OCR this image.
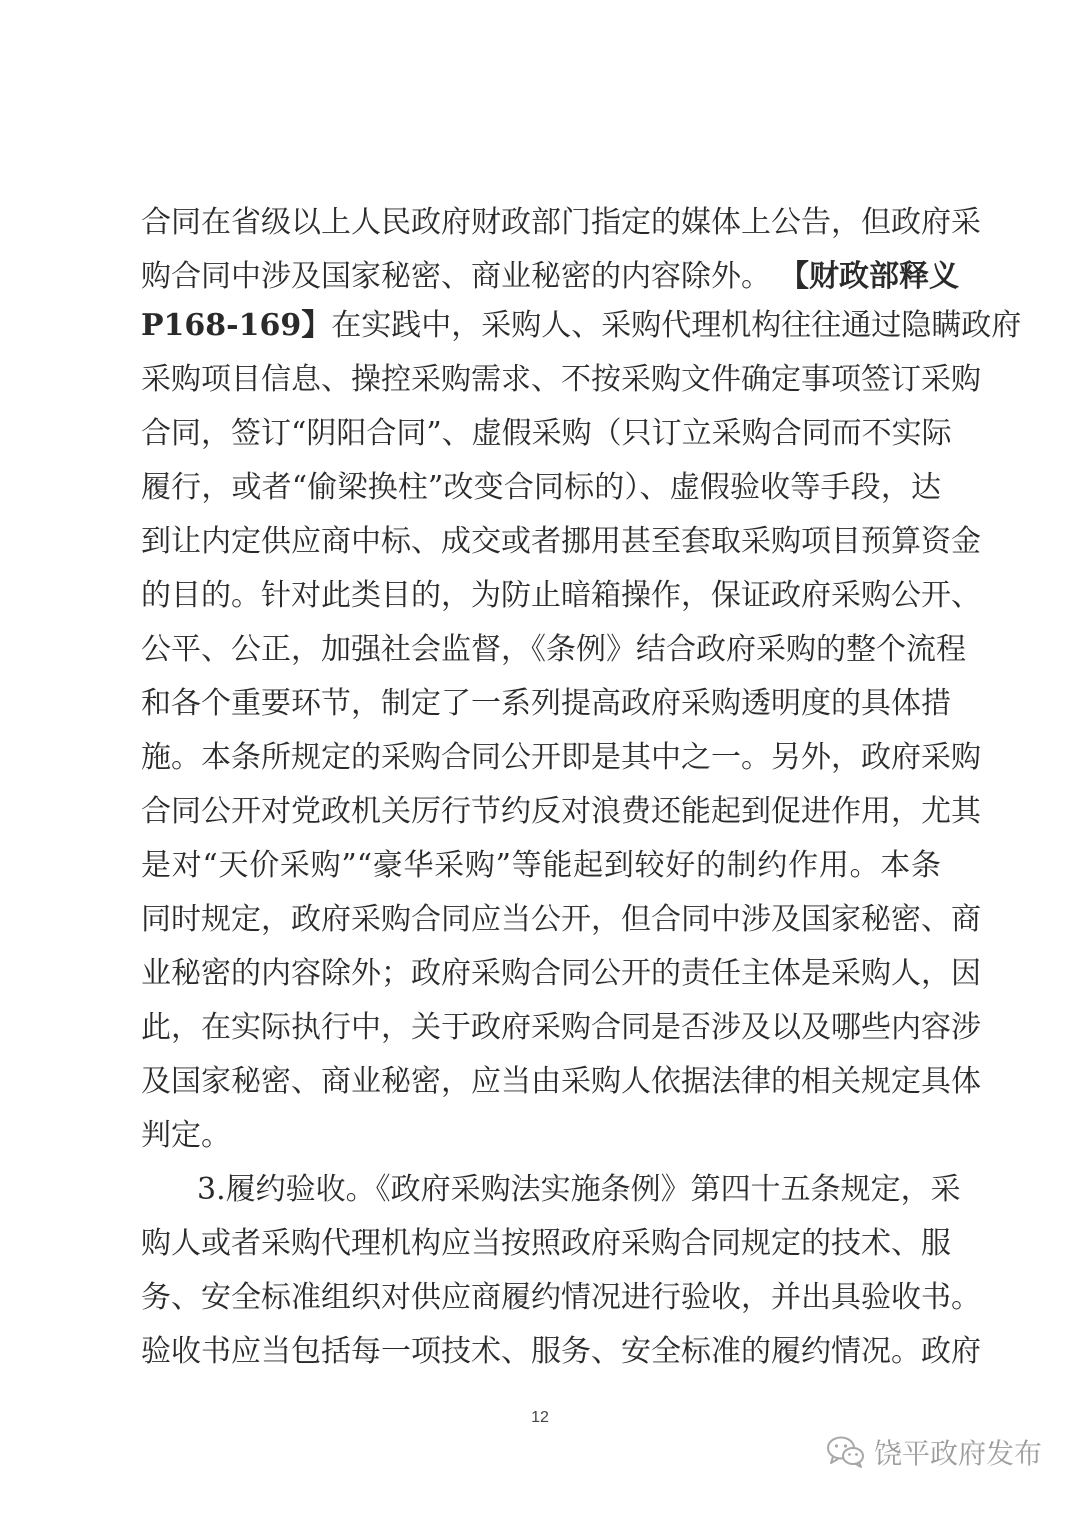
合同在省级以上人民政府财政部门指定的媒体上公告，但政府采
购合同中涉及国家秘密、商业秘密的内容除外。 【财政部释义
P168-169】在实践中，采购人、采购代理机构往往通过隐瞒政府
采购项目信息、操控采购需求、不按采购文件确定事项签订采购
合同，签订“阴阳合同”、虚假采购（只订立采购合同而不实际
履行，或者“偷梁换柱”改变合同标的）、虚假验收等手段，达
到让内定供应商中标、成交或者挪用甚至套取采购项目预算资金
的目的。针对此类目的，为防止暗箱操作，保证政府采购公开、
公平、公正，加强社会监督，《条例》结合政府采购的整个流程
和各个重要环节，制定了一系列提高政府采购透明度的具体措
施。本条所规定的采购合同公开即是其中之一。另外，政府采购
合同公开对党政机关厉行节约反对浪费还能起到促进作用，尤其
是对“天价采购”“豪华采购”等能起到较好的制约作用。本条
同时规定，政府采购合同应当公开，但合同中涉及国家秘密、商
业秘密的内容除外；政府采购合同公开的责任主体是采购人，因
此，在实际执行中，关于政府采购合同是否涉及以及哪些内容涉
及国家秘密、商业秘密，应当由采购人依据法律的相关规定具体
判定。
3.履约验收。《政府采购法实施条例》第四十五条规定，采
购人或者采购代理机构应当按照政府采购合同规定的技术、服
务、安全标准组织对供应商履约情况进行验收，并出具验收书。
验收书应当包括每一项技术、服务、安全标准的履约情况。政府
12
饶平政府发布
